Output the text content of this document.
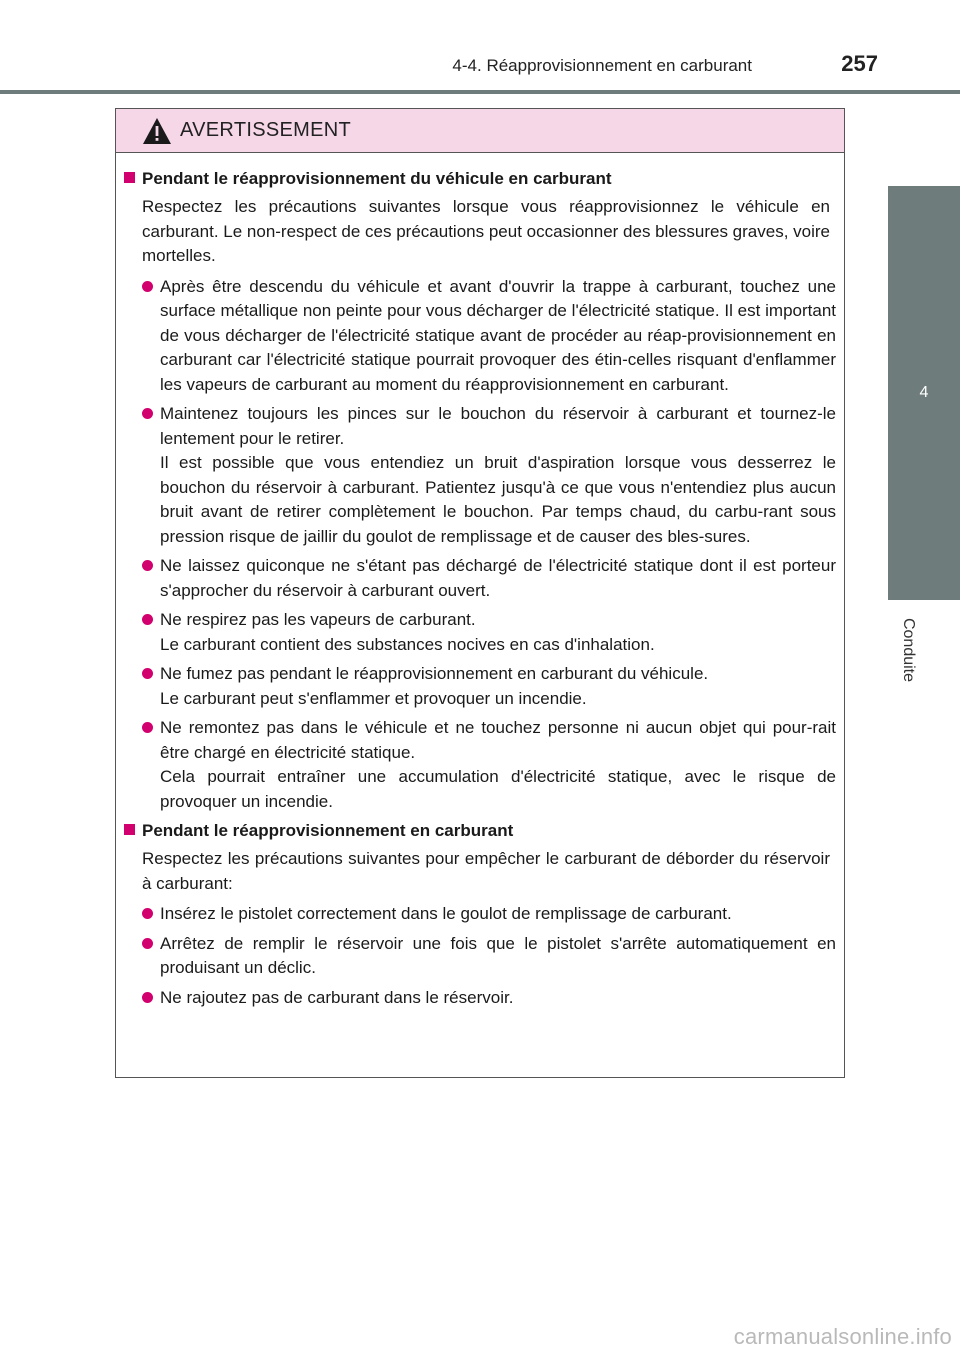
4-4. Réapprovisionnement en carburant	257
4
Conduite
AVERTISSEMENT
Pendant le réapprovisionnement du véhicule en carburant
Respectez les précautions suivantes lorsque vous réapprovisionnez le véhicule en carburant. Le non-respect de ces précautions peut occasionner des blessures graves, voire mortelles.

Après être descendu du véhicule et avant d'ouvrir la trappe à carburant, touchez une surface métallique non peinte pour vous décharger de l'électricité statique. Il est important de vous décharger de l'électricité statique avant de procéder au réap-provisionnement en carburant car l'électricité statique pourrait provoquer des étin-celles risquant d'enflammer les vapeurs de carburant au moment du réapprovisionnement en carburant.

Maintenez toujours les pinces sur le bouchon du réservoir à carburant et tournez-le lentement pour le retirer.

Il est possible que vous entendiez un bruit d'aspiration lorsque vous desserrez le bouchon du réservoir à carburant. Patientez jusqu'à ce que vous n'entendiez plus aucun bruit avant de retirer complètement le bouchon. Par temps chaud, du carbu-rant sous pression risque de jaillir du goulot de remplissage et de causer des bles-sures.

Ne laissez quiconque ne s'étant pas déchargé de l'électricité statique dont il est porteur s'approcher du réservoir à carburant ouvert.

Ne respirez pas les vapeurs de carburant.

Le carburant contient des substances nocives en cas d'inhalation.

Ne fumez pas pendant le réapprovisionnement en carburant du véhicule.

Le carburant peut s'enflammer et provoquer un incendie.

Ne remontez pas dans le véhicule et ne touchez personne ni aucun objet qui pour-rait être chargé en électricité statique.

Cela pourrait entraîner une accumulation d'électricité statique, avec le risque de provoquer un incendie.

Pendant le réapprovisionnement en carburant
Respectez les précautions suivantes pour empêcher le carburant de déborder du réservoir à carburant:

Insérez le pistolet correctement dans le goulot de remplissage de carburant.

Arrêtez de remplir le réservoir une fois que le pistolet s'arrête automatiquement en produisant un déclic.

Ne rajoutez pas de carburant dans le réservoir.

carmanualsonline.info
